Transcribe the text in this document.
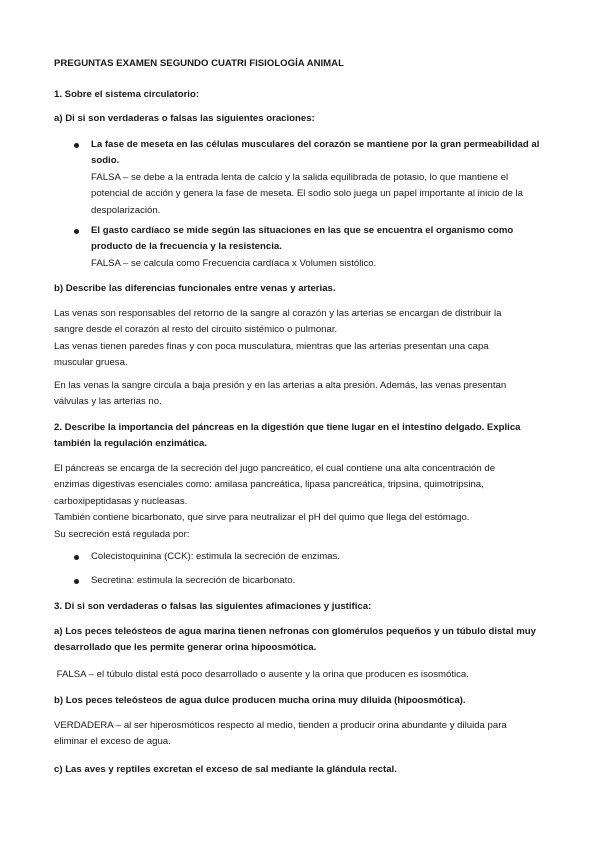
PREGUNTAS EXAMEN SEGUNDO CUATRI FISIOLOGÍA ANIMAL
1. Sobre el sistema circulatorio:
a) Di si son verdaderas o falsas las siguientes oraciones:
La fase de meseta en las células musculares del corazón se mantiene por la gran permeabilidad al
sodio.
FALSA – se debe a la entrada lenta de calcio y la salida equilibrada de potasio, lo que mantiene el
potencial de acción y genera la fase de meseta. El sodio solo juega un papel importante al inicio de la
despolarización.
El gasto cardíaco se mide según las situaciones en las que se encuentra el organismo como
producto de la frecuencia y la resistencia.
FALSA – se calcula como Frecuencia cardíaca x Volumen sistólico.
b) Describe las diferencias funcionales entre venas y arterias.
Las venas son responsables del retorno de la sangre al corazón y las arterias se encargan de distribuir la
sangre desde el corazón al resto del circuito sistémico o pulmonar.
Las venas tienen paredes finas y con poca musculatura, mientras que las arterias presentan una capa
muscular gruesa.
En las venas la sangre circula a baja presión y en las arterias a alta presión. Además, las venas presentan
válvulas y las arterias no.
2. Describe la importancia del páncreas en la digestión que tiene lugar en el intestino delgado. Explica
también la regulación enzimática.
El páncreas se encarga de la secreción del jugo pancreático, el cual contiene una alta concentración de
enzimas digestivas esenciales como: amilasa pancreática, lipasa pancreática, tripsina, quimotripsina,
carboxipeptidasas y nucleasas.
También contiene bicarbonato, que sirve para neutralizar el pH del quimo que llega del estómago.
Su secreción está regulada por:
Colecistoquinina (CCK): estimula la secreción de enzimas.
Secretina: estimula la secreción de bicarbonato.
3. Di si son verdaderas o falsas las siguientes afimaciones y justifica:
a) Los peces teleósteos de agua marina tienen nefronas con glomérulos pequeños y un túbulo distal muy
desarrollado que les permite generar orina hipoosmótica.
FALSA – el túbulo distal está poco desarrollado o ausente y la orina que producen es isosmótica.
b) Los peces teleósteos de agua dulce producen mucha orina muy diluida (hipoosmótica).
VERDADERA – al ser hiperosmóticos respecto al medio, tienden a producir orina abundante y diluida para
eliminar el exceso de agua.
c) Las aves y reptiles excretan el exceso de sal mediante la glándula rectal.
